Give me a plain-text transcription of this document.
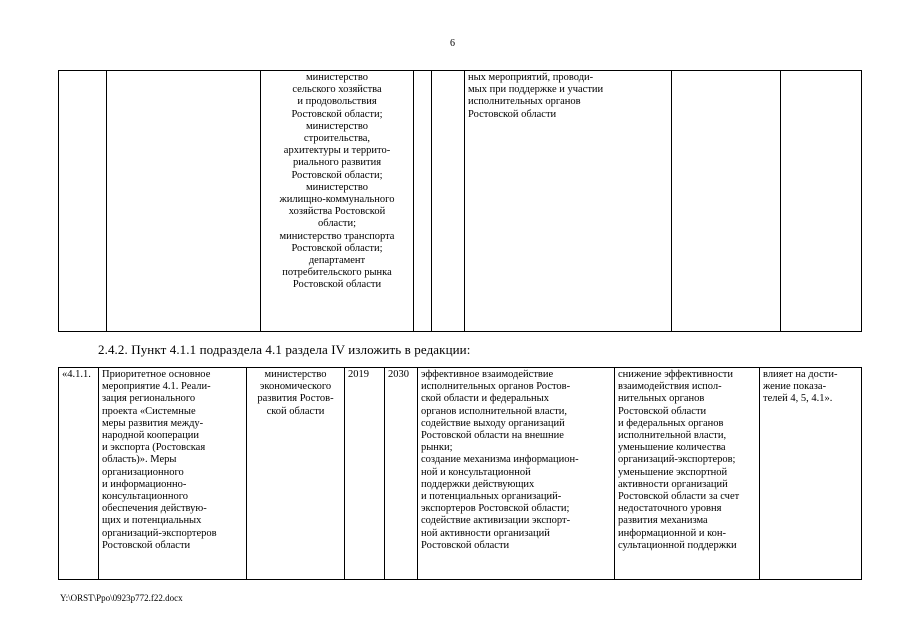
6
		министерство
сельского хозяйства
и продовольствия
Ростовской области;
министерство
строительства,
архитектуры и террито-
риального развития
Ростовской области;
министерство
жилищно-коммунального
хозяйства Ростовской
области;
министерство транспорта
Ростовской области;
департамент
потребительского рынка
Ростовской области			ных мероприятий, проводи-
мых при поддержке и участии
исполнительных органов
Ростовской области		
2.4.2. Пункт 4.1.1 подраздела 4.1 раздела IV изложить в редакции:
«4.1.1.	Приоритетное основное
мероприятие 4.1. Реали-
зация регионального
проекта «Системные
меры развития между-
народной кооперации
и экспорта (Ростовская
область)». Меры
организационного
и информационно-
консультационного
обеспечения действую-
щих и потенциальных
организаций-экспортеров
Ростовской области	министерство
экономического
развития Ростов-
ской области	2019	2030	эффективное взаимодействие
исполнительных органов Ростов-
ской области и федеральных
органов исполнительной власти,
содействие выходу организаций
Ростовской области на внешние
рынки;
создание механизма информацион-
ной и консультационной
поддержки действующих
и потенциальных организаций-
экспортеров Ростовской области;
содействие активизации экспорт-
ной активности организаций
Ростовской области	снижение эффективности
взаимодействия испол-
нительных органов
Ростовской области
и федеральных органов
исполнительной власти,
уменьшение количества
организаций-экспортеров;
уменьшение экспортной
активности организаций
Ростовской области за счет
недостаточного уровня
развития механизма
информационной и кон-
сультационной поддержки	влияет на дости-
жение показа-
телей 4, 5, 4.1».
Y:\ORST\Ppo\0923p772.f22.docx
